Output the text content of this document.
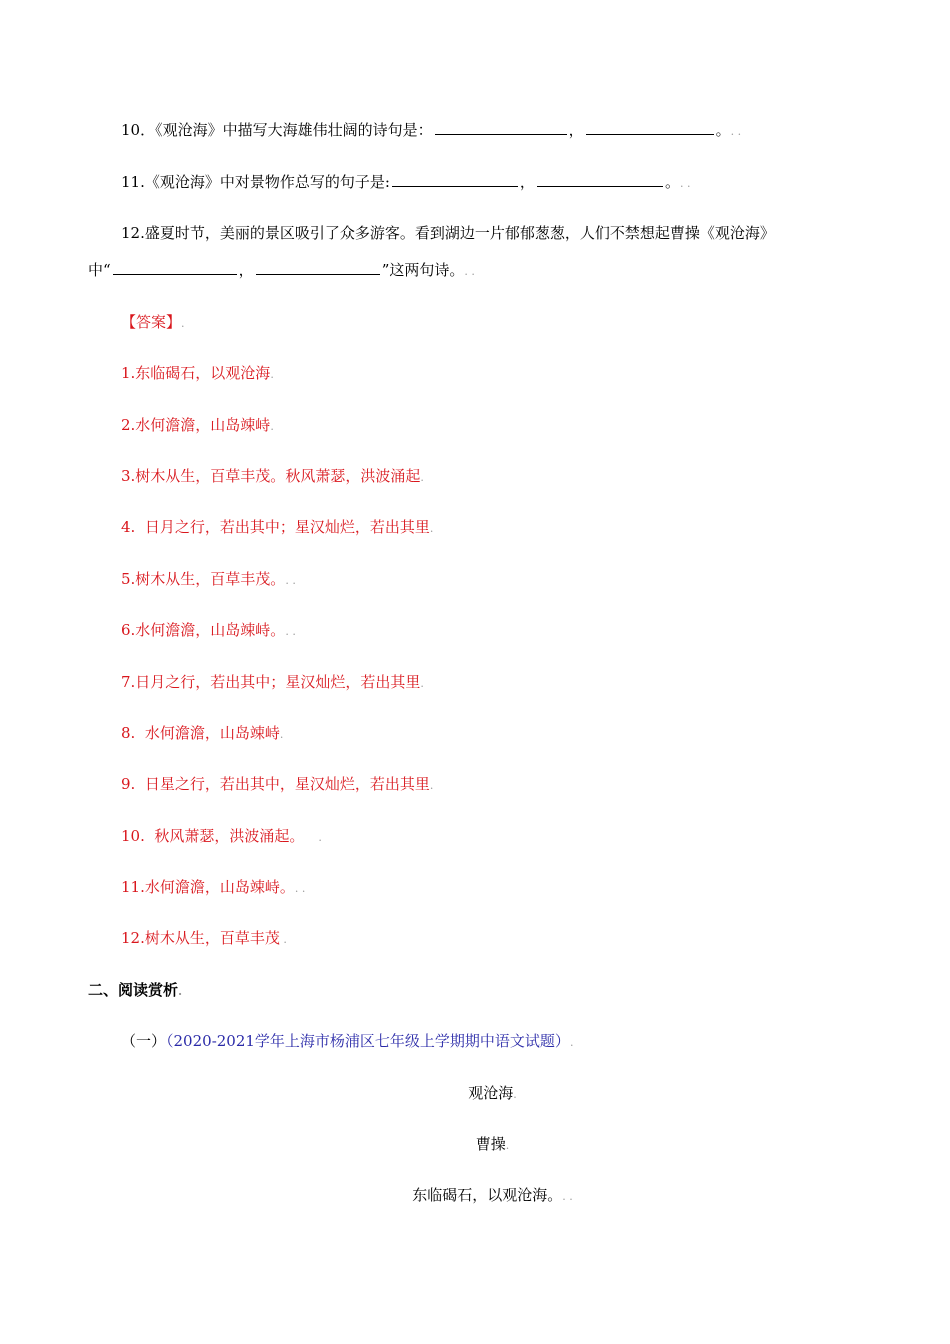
10．《观沧海》中描写大海雄伟壮阔的诗句是：	，	。. .
11.《观沧海》中对景物作总写的句子是:	，	。. .
12.盛夏时节，美丽的景区吸引了众多游客。看到湖边一片郁郁葱葱，人们不禁想起曹操《观沧海》
中“	，	”这两句诗。. .
【答案】.
1.东临碣石，以观沧海.
2.水何澹澹，山岛竦峙.
3.树木从生，百草丰茂。秋风萧瑟，洪波涌起.
4.  日月之行，若出其中；星汉灿烂，若出其里.
5.树木从生，百草丰茂。. .
6.水何澹澹，山岛竦峙。. .
7.日月之行，若出其中；星汉灿烂，若出其里.
8.  水何澹澹，山岛竦峙.
9.  日星之行，若出其中，星汉灿烂，若出其里.
10.  秋风萧瑟，洪波涌起。    .
11.水何澹澹，山岛竦峙。. .
12.树木从生，百草丰茂 .
二、阅读赏析.
（一）（2020-2021学年上海市杨浦区七年级上学期期中语文试题）.
观沧海.
曹操.
东临碣石，以观沧海。. .
